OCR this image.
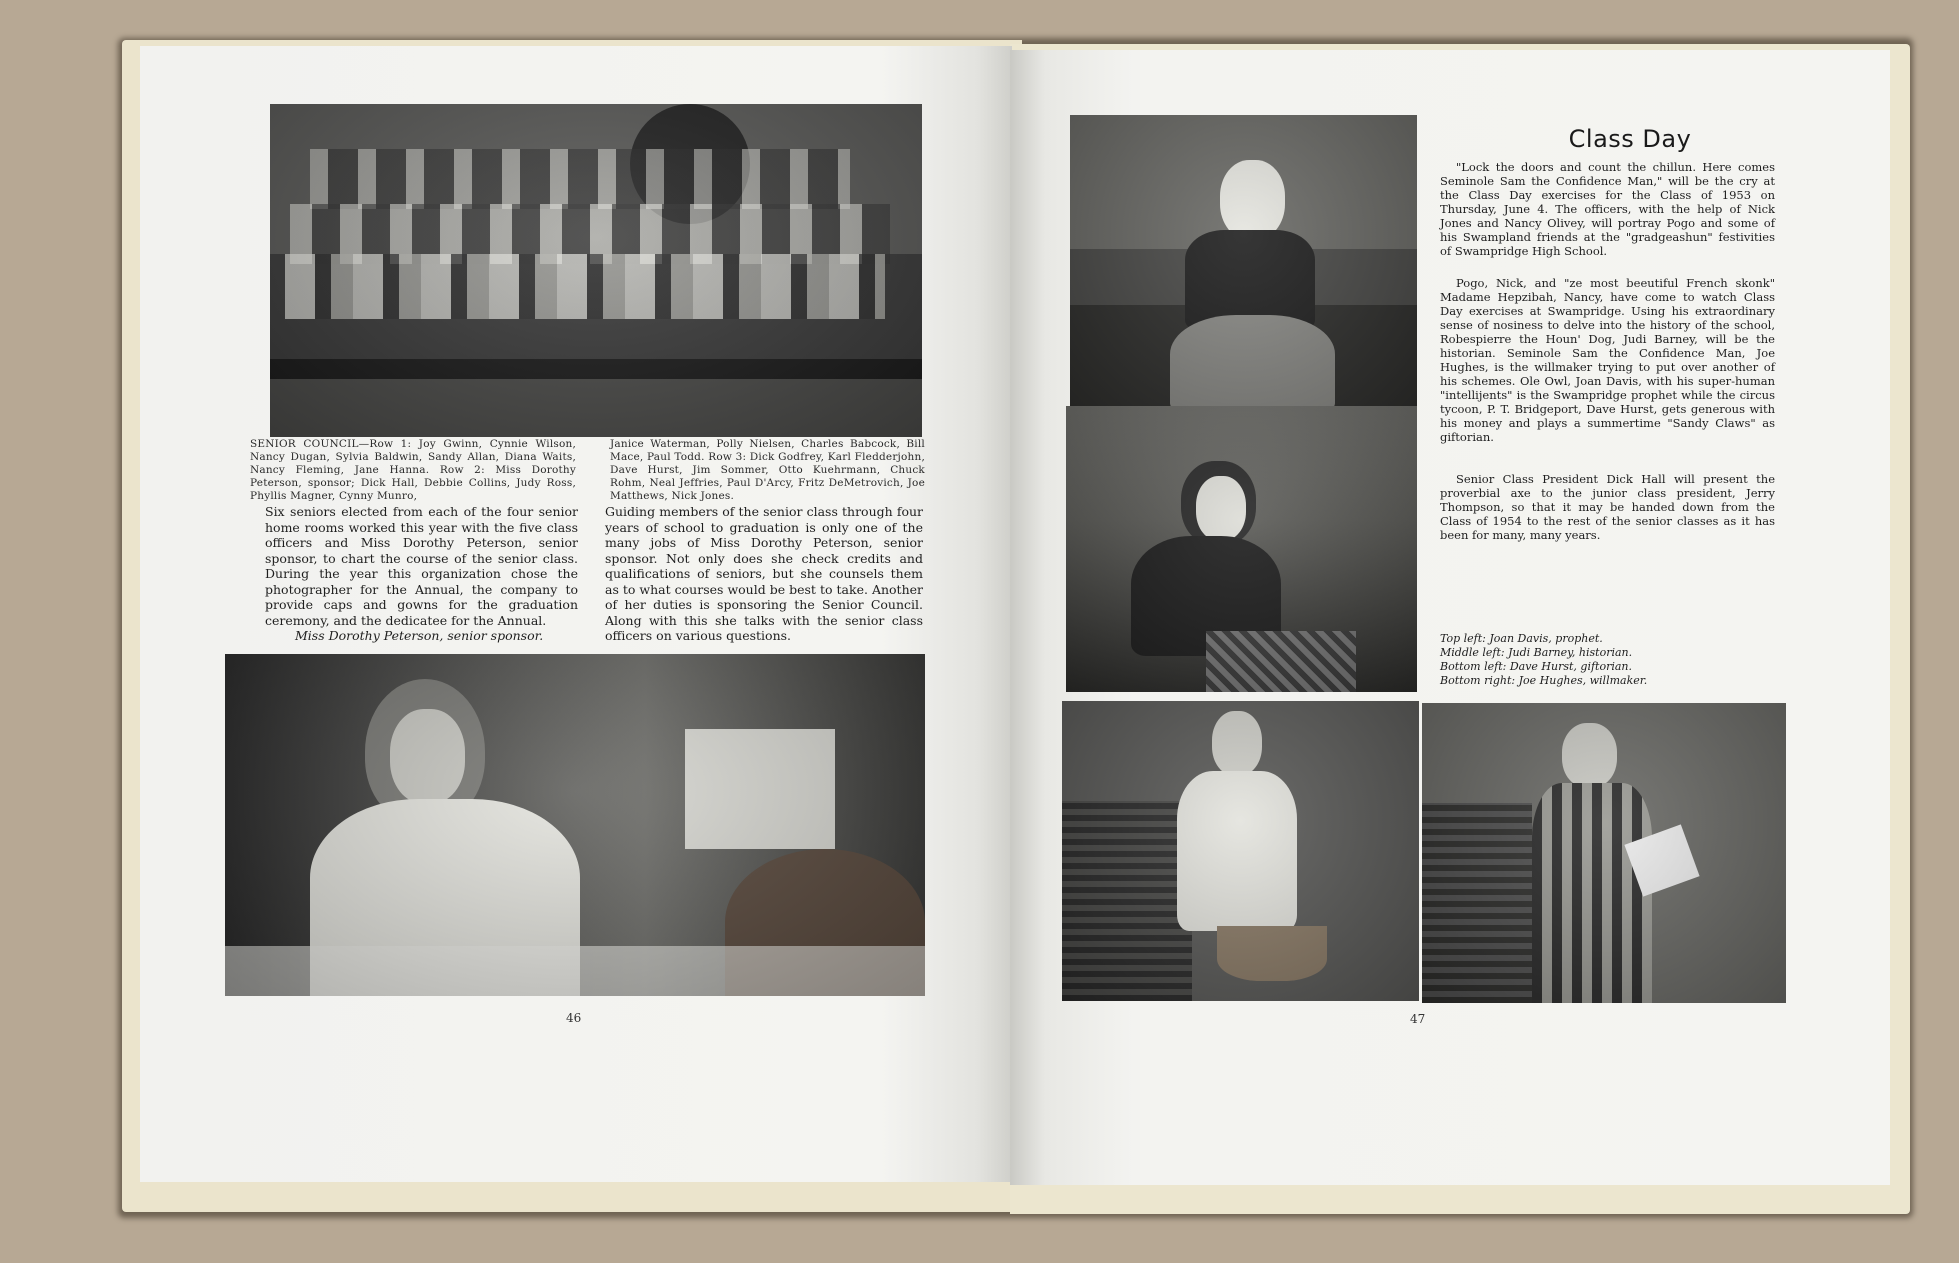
SENIOR COUNCIL—Row 1: Joy Gwinn, Cynnie Wilson, Nancy Dugan, Sylvia Baldwin, Sandy Allan, Diana Waits, Nancy Fleming, Jane Hanna. Row 2: Miss Dorothy Peterson, sponsor; Dick Hall, Debbie Collins, Judy Ross, Phyllis Magner, Cynny Munro,
Janice Waterman, Polly Nielsen, Charles Babcock, Bill Mace, Paul Todd. Row 3: Dick Godfrey, Karl Fledderjohn, Dave Hurst, Jim Sommer, Otto Kuehrmann, Chuck Rohm, Neal Jeffries, Paul D'Arcy, Fritz DeMetrovich, Joe Matthews, Nick Jones.
Six seniors elected from each of the four senior home rooms worked this year with the five class officers and Miss Dorothy Peterson, senior sponsor, to chart the course of the senior class. During the year this organization chose the photographer for the Annual, the company to provide caps and gowns for the graduation ceremony, and the dedicatee for the Annual.
Guiding members of the senior class through four years of school to graduation is only one of the many jobs of Miss Dorothy Peterson, senior sponsor. Not only does she check credits and qualifications of seniors, but she counsels them as to what courses would be best to take. Another of her duties is sponsoring the Senior Council. Along with this she talks with the senior class officers on various questions.
Miss Dorothy Peterson, senior sponsor.
46
Class Day
"Lock the doors and count the chillun. Here comes Seminole Sam the Confidence Man," will be the cry at the Class Day exercises for the Class of 1953 on Thursday, June 4. The officers, with the help of Nick Jones and Nancy Olivey, will portray Pogo and some of his Swampland friends at the "gradgeashun" festivities of Swampridge High School.
Pogo, Nick, and "ze most beeutiful French skonk" Madame Hepzibah, Nancy, have come to watch Class Day exercises at Swampridge. Using his extraordinary sense of nosiness to delve into the history of the school, Robespierre the Houn' Dog, Judi Barney, will be the historian. Seminole Sam the Confidence Man, Joe Hughes, is the willmaker trying to put over another of his schemes. Ole Owl, Joan Davis, with his super-human "intellijents" is the Swampridge prophet while the circus tycoon, P. T. Bridgeport, Dave Hurst, gets generous with his money and plays a summertime "Sandy Claws" as giftorian.
Senior Class President Dick Hall will present the proverbial axe to the junior class president, Jerry Thompson, so that it may be handed down from the Class of 1954 to the rest of the senior classes as it has been for many, many years.
Top left: Joan Davis, prophet.
Middle left: Judi Barney, historian.
Bottom left: Dave Hurst, giftorian.
Bottom right: Joe Hughes, willmaker.
47
